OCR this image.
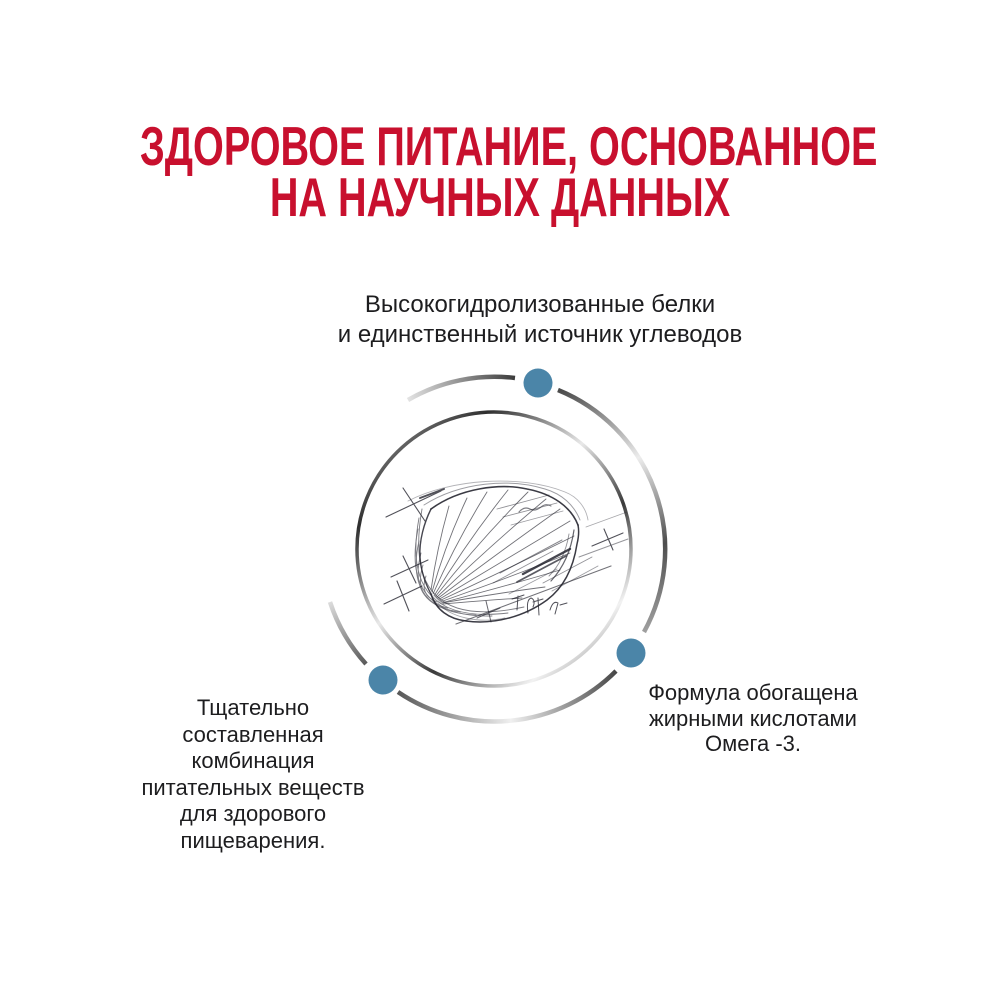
ЗДОРОВОЕ ПИТАНИЕ, ОСНОВАННОЕ
НА НАУЧНЫХ ДАННЫХ
Высокогидролизованные белки
и единственный источник углеводов
Тщательно
составленная
комбинация
питательных веществ
для здорового
пищеварения.
Формула обогащена
жирными кислотами
Омега -3.
